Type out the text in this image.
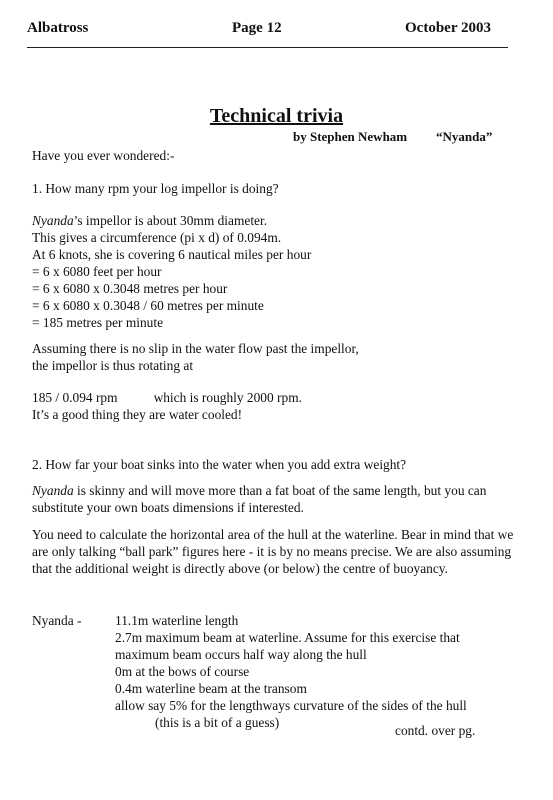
Albatross	Page 12	October 2003
Technical trivia
by Stephen Newham “Nyanda”
Have you ever wondered:-
1. How many rpm your log impellor is doing?
Nyanda’s impellor is about 30mm diameter.
This gives a circumference (pi x d) of 0.094m.
At 6 knots, she is covering 6 nautical miles per hour
= 6 x 6080 feet per hour
= 6 x 6080 x 0.3048 metres per hour
= 6 x 6080 x 0.3048 / 60 metres per minute
= 185 metres per minute
Assuming there is no slip in the water flow past the impellor,
the impellor is thus rotating at
185 / 0.094 rpm	which is roughly 2000 rpm.
It’s a good thing they are water cooled!
2. How far your boat sinks into the water when you add extra weight?
Nyanda is skinny and will move more than a fat boat of the same length, but you can substitute your own boats dimensions if interested.
You need to calculate the horizontal area of the hull at the waterline. Bear in mind that we are only talking “ball park” figures here - it is by no means precise. We are also assuming that the additional weight is directly above (or below) the centre of buoyancy.
Nyanda -	11.1m waterline length
2.7m maximum beam at waterline. Assume for this exercise that
maximum beam occurs half way along the hull
0m at the bows of course
0.4m waterline beam at the transom
allow say 5% for the lengthways curvature of the sides of the hull
(this is a bit of a guess)
contd. over pg.
